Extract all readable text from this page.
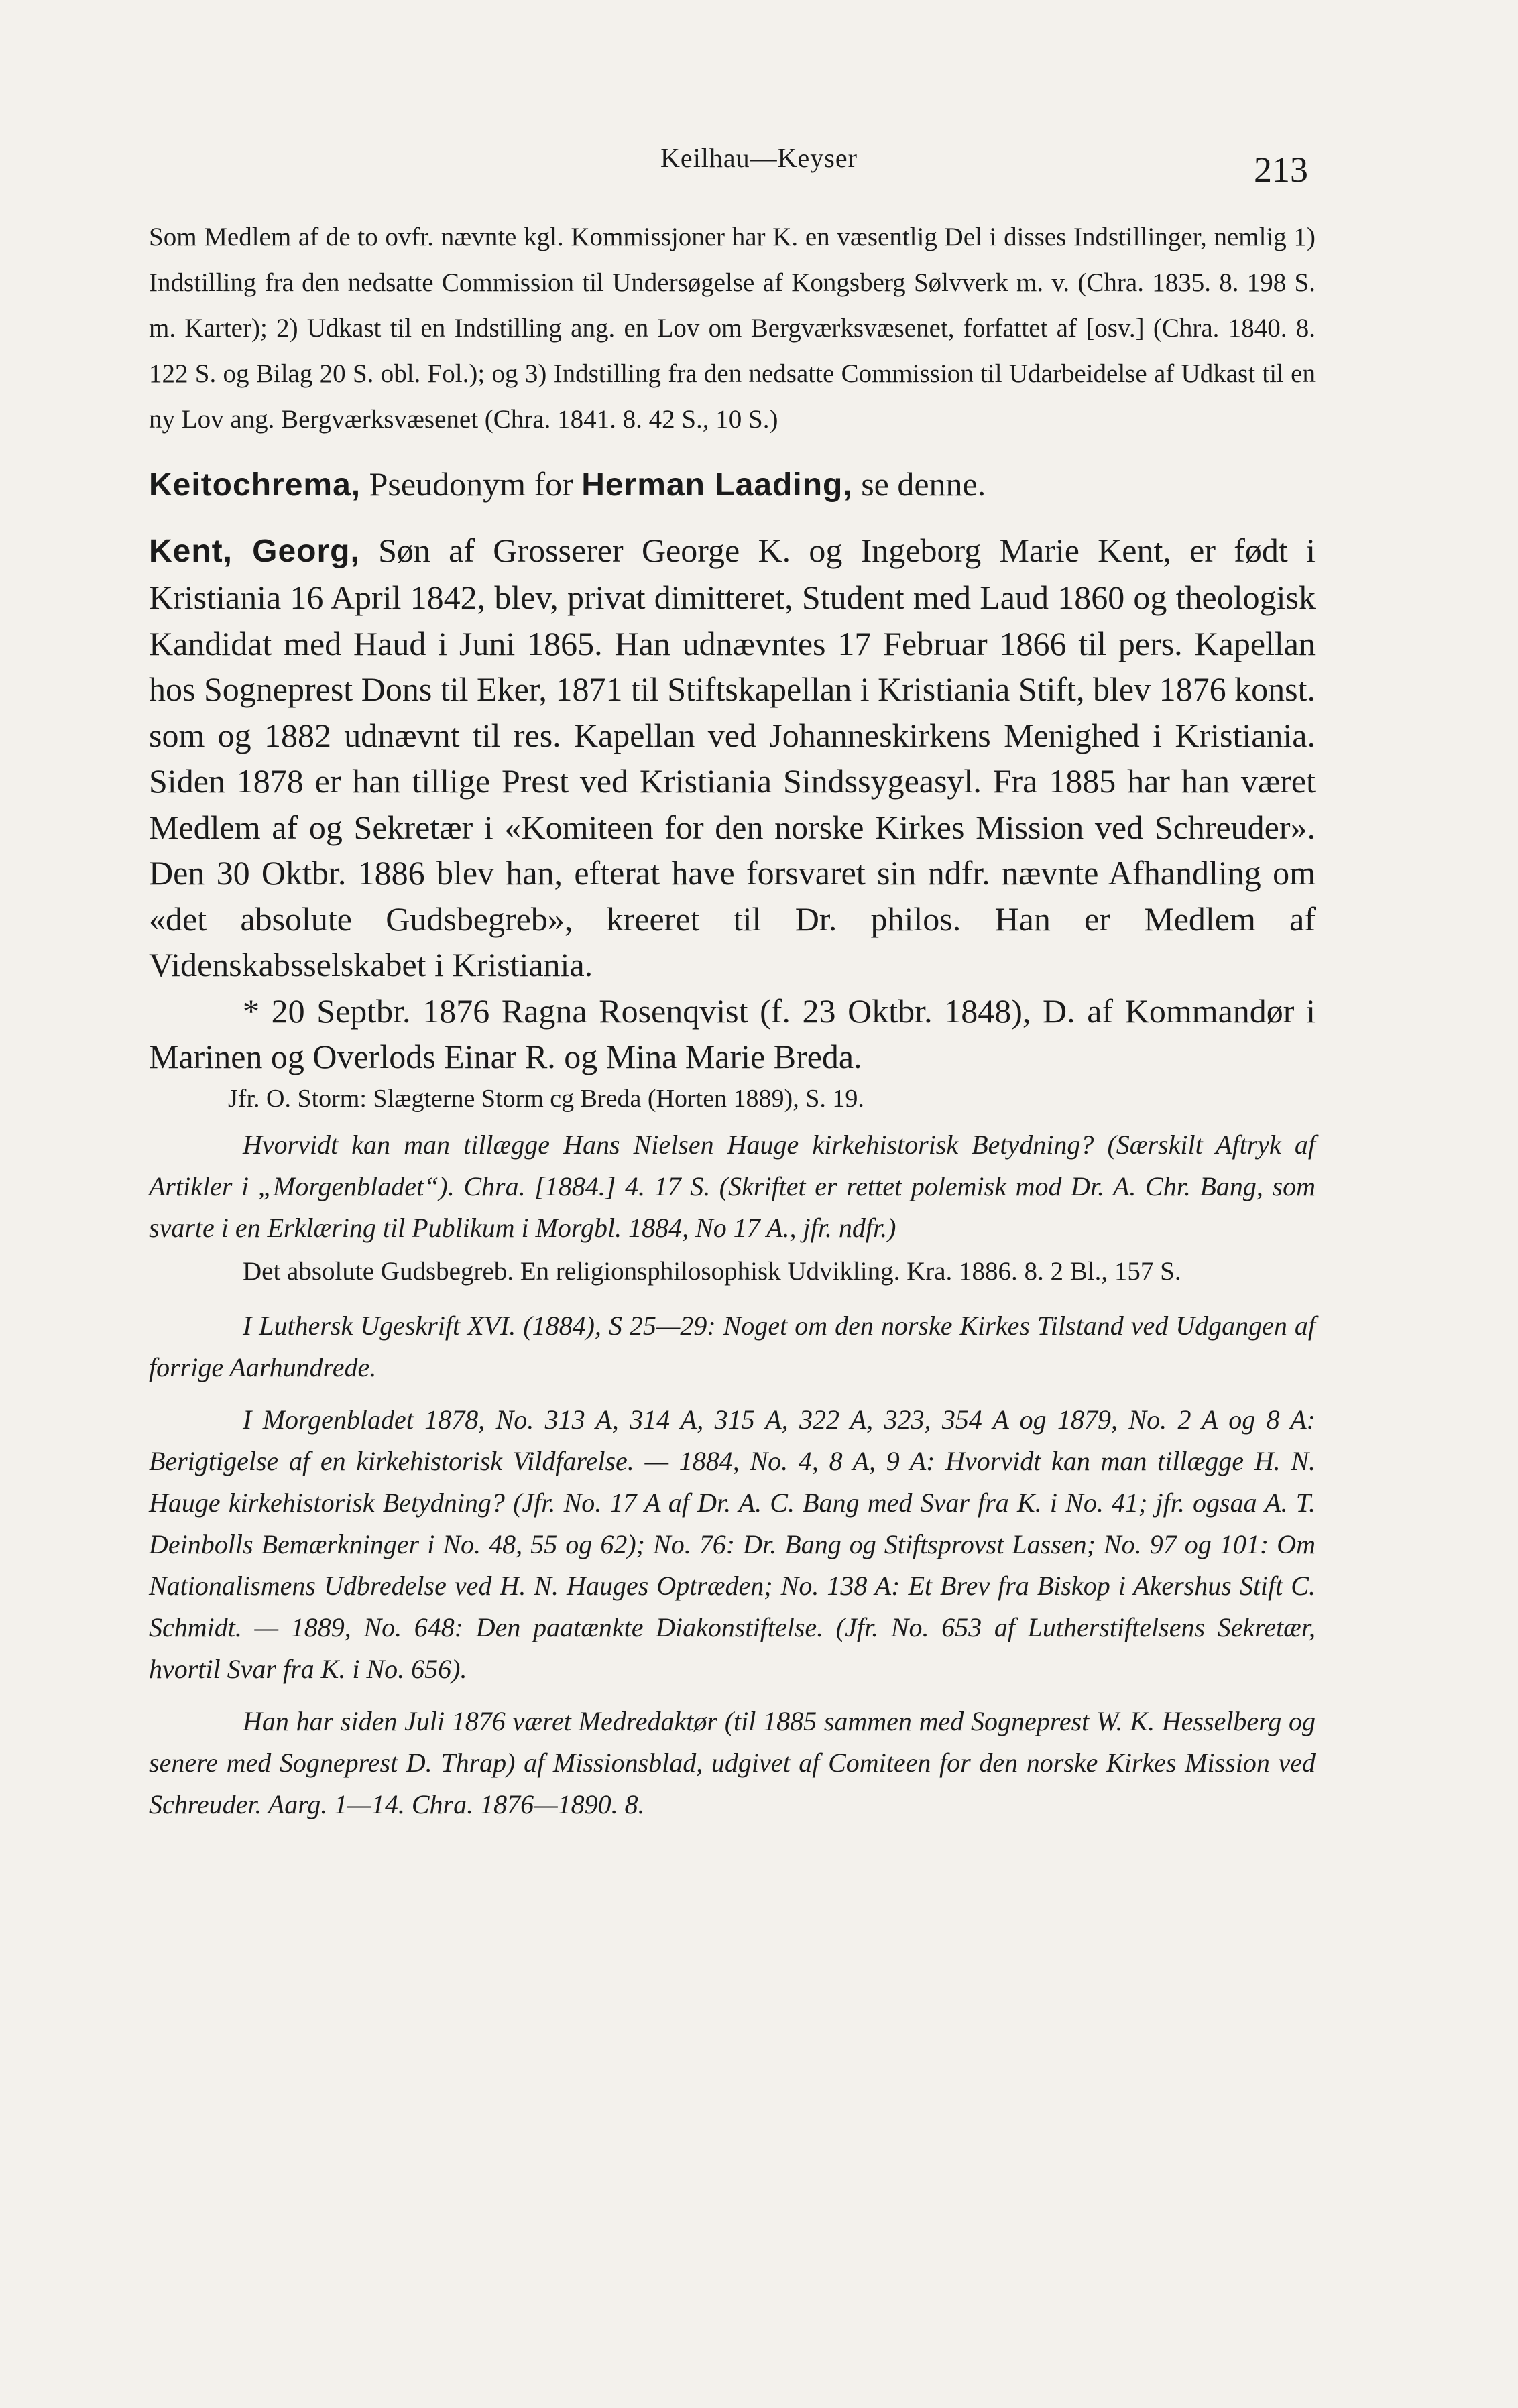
Keilhau—Keyser	213

Som Medlem af de to ovfr. nævnte kgl. Kommissjoner har K. en væsentlig Del i disses Indstillinger, nemlig 1) Indstilling fra den nedsatte Commission til Undersøgelse af Kongsberg Sølvverk m. v. (Chra. 1835. 8. 198 S. m. Karter); 2) Udkast til en Indstilling ang. en Lov om Bergværksvæsenet, forfattet af [osv.] (Chra. 1840. 8. 122 S. og Bilag 20 S. obl. Fol.); og 3) Indstilling fra den nedsatte Commission til Udarbeidelse af Udkast til en ny Lov ang. Bergværksvæsenet (Chra. 1841. 8. 42 S., 10 S.)

Keitochrema, Pseudonym for Herman Laading, se denne.

Kent, Georg, Søn af Grosserer George K. og Ingeborg Marie Kent, er født i Kristiania 16 April 1842, blev, privat dimitteret, Student med Laud 1860 og theologisk Kandidat med Haud i Juni 1865. Han udnævntes 17 Februar 1866 til pers. Kapellan hos Sogneprest Dons til Eker, 1871 til Stiftskapellan i Kristiania Stift, blev 1876 konst. som og 1882 udnævnt til res. Kapellan ved Johanneskirkens Menighed i Kristiania. Siden 1878 er han tillige Prest ved Kristiania Sindssygeasyl. Fra 1885 har han været Medlem af og Sekretær i «Komiteen for den norske Kirkes Mission ved Schreuder». Den 30 Oktbr. 1886 blev han, efterat have forsvaret sin ndfr. nævnte Afhandling om «det absolute Gudsbegreb», kreeret til Dr. philos. Han er Medlem af Videnskabsselskabet i Kristiania.

* 20 Septbr. 1876 Ragna Rosenqvist (f. 23 Oktbr. 1848), D. af Kommandør i Marinen og Overlods Einar R. og Mina Marie Breda.

Jfr. O. Storm: Slægterne Storm cg Breda (Horten 1889), S. 19.

Hvorvidt kan man tillægge Hans Nielsen Hauge kirkehistorisk Betydning? (Særskilt Aftryk af Artikler i „Morgenbladet“). Chra. [1884.] 4. 17 S. (Skriftet er rettet polemisk mod Dr. A. Chr. Bang, som svarte i en Erklæring til Publikum i Morgbl. 1884, No 17 A., jfr. ndfr.)

Det absolute Gudsbegreb. En religionsphilosophisk Udvikling. Kra. 1886. 8. 2 Bl., 157 S.

I Luthersk Ugeskrift XVI. (1884), S 25—29: Noget om den norske Kirkes Tilstand ved Udgangen af forrige Aarhundrede.

I Morgenbladet 1878, No. 313 A, 314 A, 315 A, 322 A, 323, 354 A og 1879, No. 2 A og 8 A: Berigtigelse af en kirkehistorisk Vildfarelse. — 1884, No. 4, 8 A, 9 A: Hvorvidt kan man tillægge H. N. Hauge kirkehistorisk Betydning? (Jfr. No. 17 A af Dr. A. C. Bang med Svar fra K. i No. 41; jfr. ogsaa A. T. Deinbolls Bemærkninger i No. 48, 55 og 62); No. 76: Dr. Bang og Stiftsprovst Lassen; No. 97 og 101: Om Nationalismens Udbredelse ved H. N. Hauges Optræden; No. 138 A: Et Brev fra Biskop i Akershus Stift C. Schmidt. — 1889, No. 648: Den paatænkte Diakonstiftelse. (Jfr. No. 653 af Lutherstiftelsens Sekretær, hvortil Svar fra K. i No. 656).

Han har siden Juli 1876 været Medredaktør (til 1885 sammen med Sogneprest W. K. Hesselberg og senere med Sogneprest D. Thrap) af Missionsblad, udgivet af Comiteen for den norske Kirkes Mission ved Schreuder. Aarg. 1—14. Chra. 1876—1890. 8.
